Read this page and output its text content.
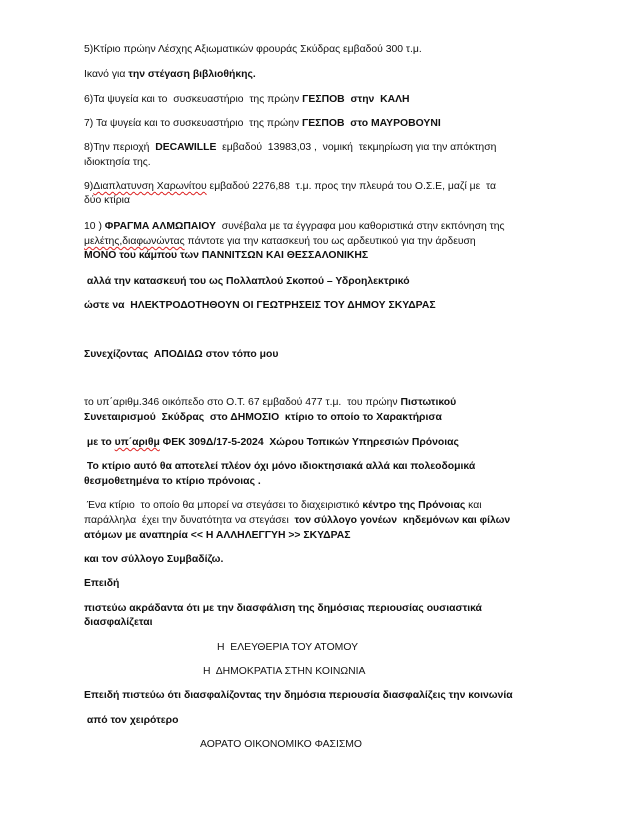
5)Κτίριο πρώην Λέσχης Αξιωματικών φρουράς Σκύδρας εμβαδού 300 τ.μ.
Ικανό για την στέγαση βιβλιοθήκης.
6)Τα ψυγεία και το  συσκευαστήριο  της πρώην ΓΕΣΠΟΒ  στην  ΚΑΛΗ
7) Τα ψυγεία και το συσκευαστήριο  της πρώην ΓΕΣΠΟΒ  στο ΜΑΥΡΟΒΟΥΝΙ
8)Την περιοχή  DECAWILLE  εμβαδού  13983,03 ,  νομική  τεκμηρίωση για την απόκτηση
ιδιοκτησία της.
9)Διαπλατυνση Χαρωνίτου εμβαδού 2276,88  τ.μ. προς την πλευρά του Ο.Σ.Ε, μαζί με  τα
δύο κτίρια
10 ) ΦΡΑΓΜΑ ΑΛΜΩΠΑΙΟΥ  συνέβαλα με τα έγγραφα μου καθοριστικά στην εκπόνηση της
μελέτης,διαφωνώντας πάντοτε για την κατασκευή του ως αρδευτικού για την άρδευση
ΜΟΝΟ του κάμπου των ΠΑΝΝΙΤΣΩΝ ΚΑΙ ΘΕΣΣΑΛΟΝΙΚΗΣ
αλλά την κατασκευή του ως Πολλαπλού Σκοπού – Υδροηλεκτρικό
ώστε να  ΗΛΕΚΤΡΟΔΟΤΗΘΟΥΝ ΟΙ ΓΕΩΤΡΗΣΕΙΣ ΤΟΥ ΔΗΜΟΥ ΣΚΥΔΡΑΣ
Συνεχίζοντας  ΑΠΟΔΙΔΩ στον τόπο μου
το υπ΄αριθμ.346 οικόπεδο στο Ο.Τ. 67 εμβαδού 477 τ.μ.  του πρώην Πιστωτικού
Συνεταιρισμού  Σκύδρας  στο ΔΗΜΟΣΙΟ  κτίριο το οποίο το Χαρακτήρισα
με το υπ΄αριθμ ΦΕΚ 309Δ/17-5-2024  Χώρου Τοπικών Υπηρεσιών Πρόνοιας
Το κτίριο αυτό θα αποτελεί πλέον όχι μόνο ιδιοκτησιακά αλλά και πολεοδομικά
θεσμοθετημένα το κτίριο πρόνοιας .
Ένα κτίριο  το οποίο θα μπορεί να στεγάσει το διαχειριστικό κέντρο της Πρόνοιας και
παράλληλα  έχει την δυνατότητα να στεγάσει  τον σύλλογο γονέων  κηδεμόνων και φίλων
ατόμων με αναπηρία << Η ΑΛΛΗΛΕΓΓΥΗ >> ΣΚΥΔΡΑΣ
και τον σύλλογο Συμβαδίζω.
Επειδή
πιστεύω ακράδαντα ότι με την διασφάλιση της δημόσιας περιουσίας ουσιαστικά
διασφαλίζεται
Η  ΕΛΕΥΘΕΡΙΑ ΤΟΥ ΑΤΟΜΟΥ
Η  ΔΗΜΟΚΡΑΤΙΑ ΣΤΗΝ ΚΟΙΝΩΝΙΑ
Επειδή πιστεύω ότι διασφαλίζοντας την δημόσια περιουσία διασφαλίζεις την κοινωνία
από τον χειρότερο
ΑΟΡΑΤΟ ΟΙΚΟΝΟΜΙΚΟ ΦΑΣΙΣΜΟ
